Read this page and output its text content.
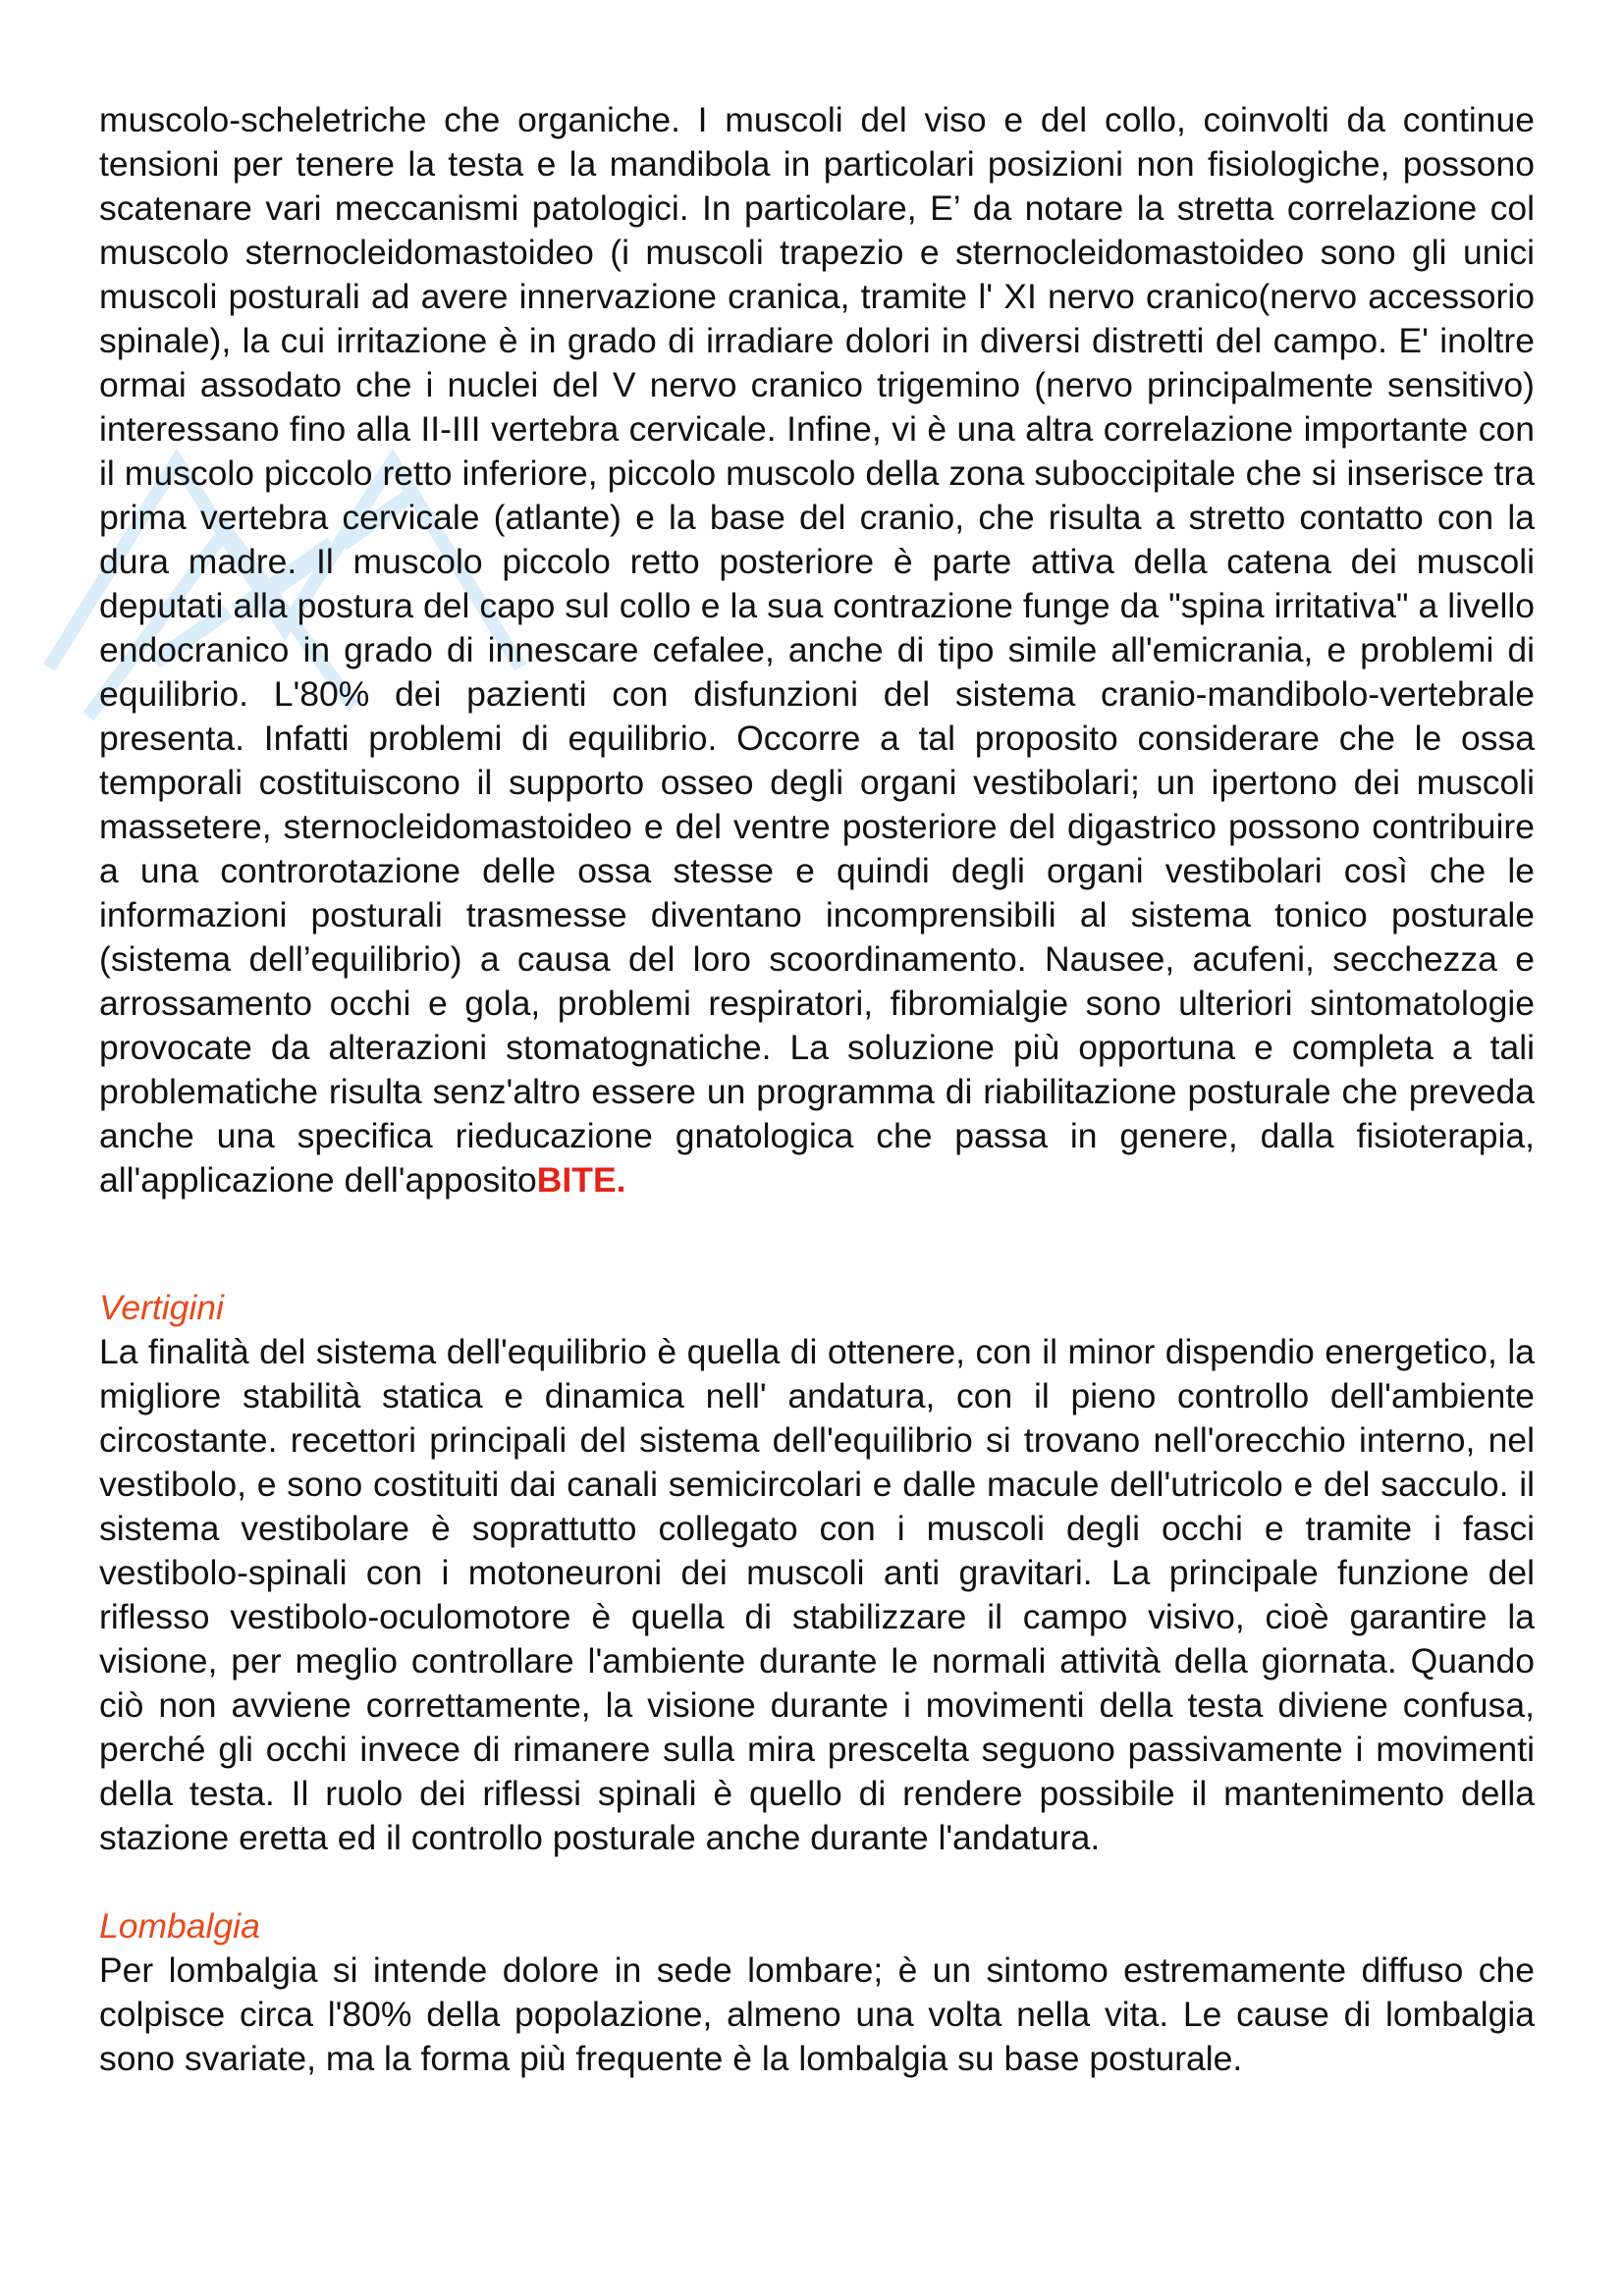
muscolo-scheletriche che organiche. I muscoli del viso e del collo, coinvolti da continue tensioni per tenere la testa e la mandibola in particolari posizioni non fisiologiche, possono scatenare vari meccanismi patologici. In particolare, E’ da notare la stretta correlazione col muscolo sternocleidomastoideo (i muscoli trapezio e sternocleidomastoideo sono gli unici muscoli posturali ad avere innervazione cranica, tramite l' XI nervo cranico(nervo accessorio spinale), la cui irritazione è in grado di irradiare dolori in diversi distretti del campo. E' inoltre ormai assodato che i nuclei del V nervo cranico trigemino (nervo principalmente sensitivo) interessano fino alla II-III vertebra cervicale. Infine, vi è una altra correlazione importante con il muscolo piccolo retto inferiore, piccolo muscolo della zona suboccipitale che si inserisce tra prima vertebra cervicale (atlante) e la base del cranio, che risulta a stretto contatto con la dura madre. Il muscolo piccolo retto posteriore è parte attiva della catena dei muscoli deputati alla postura del capo sul collo e la sua contrazione funge da "spina irritativa" a livello endocranico in grado di innescare cefalee, anche di tipo simile all'emicrania, e problemi di equilibrio. L'80% dei pazienti con disfunzioni del sistema cranio-mandibolo-vertebrale presenta. Infatti problemi di equilibrio. Occorre a tal proposito considerare che le ossa temporali costituiscono il supporto osseo degli organi vestibolari; un ipertono dei muscoli massetere, sternocleidomastoideo e del ventre posteriore del digastrico possono contribuire a una controrotazione delle ossa stesse e quindi degli organi vestibolari così che le informazioni posturali trasmesse diventano incomprensibili al sistema tonico posturale (sistema dell’equilibrio) a causa del loro scoordinamento. Nausee, acufeni, secchezza e arrossamento occhi e gola, problemi respiratori, fibromialgie sono ulteriori sintomatologie provocate da alterazioni stomatognatiche. La soluzione più opportuna e completa a tali problematiche risulta senz'altro essere un programma di riabilitazione posturale che preveda anche una specifica rieducazione gnatologica che passa in genere, dalla fisioterapia, all'applicazione dell'appositoBITE.

Vertigini

La finalità del sistema dell'equilibrio è quella di ottenere, con il minor dispendio energetico, la migliore stabilità statica e dinamica nell' andatura, con il pieno controllo dell'ambiente circostante. recettori principali del sistema dell'equilibrio si trovano nell'orecchio interno, nel vestibolo, e sono costituiti dai canali semicircolari e dalle macule dell'utricolo e del sacculo. il sistema vestibolare è soprattutto collegato con i muscoli degli occhi e tramite i fasci vestibolo-spinali con i motoneuroni dei muscoli anti gravitari. La principale funzione del riflesso vestibolo-oculomotore è quella di stabilizzare il campo visivo, cioè garantire la visione, per meglio controllare l'ambiente durante le normali attività della giornata. Quando ciò non avviene correttamente, la visione durante i movimenti della testa diviene confusa, perché gli occhi invece di rimanere sulla mira prescelta seguono passivamente i movimenti della testa. Il ruolo dei riflessi spinali è quello di rendere possibile il mantenimento della stazione eretta ed il controllo posturale anche durante l'andatura.

Lombalgia

Per lombalgia si intende dolore in sede lombare; è un sintomo estremamente diffuso che colpisce circa l'80% della popolazione, almeno una volta nella vita. Le cause di lombalgia sono svariate, ma la forma più frequente è la lombalgia su base posturale.
